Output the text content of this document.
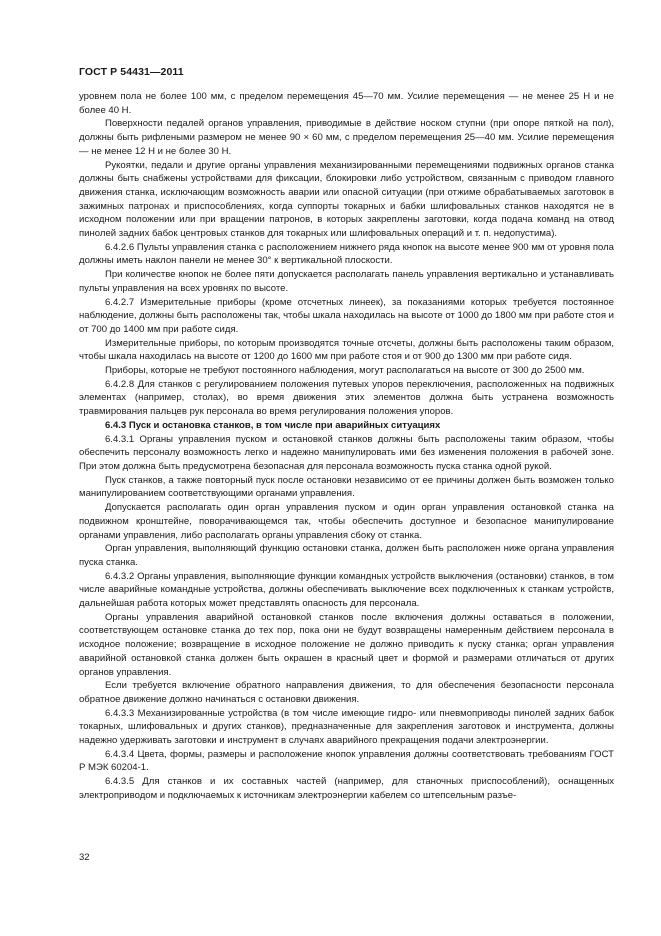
ГОСТ Р 54431—2011

уровнем пола не более 100 мм, с пределом перемещения 45—70 мм. Усилие перемещения — не менее 25 Н и не более 40 Н.

Поверхности педалей органов управления, приводимые в действие носком ступни (при опоре пяткой на пол), должны быть рифлеными размером не менее 90 × 60 мм, с пределом перемещения 25—40 мм. Усилие перемещения — не менее 12 Н и не более 30 Н.

Рукоятки, педали и другие органы управления механизированными перемещениями подвижных органов станка должны быть снабжены устройствами для фиксации, блокировки либо устройством, связанным с приводом главного движения станка, исключающим возможность аварии или опасной ситуации (при отжиме обрабатываемых заготовок в зажимных патронах и приспособлениях, когда суппорты токарных и бабки шлифовальных станков находятся не в исходном положении или при вращении патронов, в которых закреплены заготовки, когда подача команд на отвод пинолей задних бабок центровых станков для токарных или шлифовальных операций и т. п. недопустима).

6.4.2.6 Пульты управления станка с расположением нижнего ряда кнопок на высоте менее 900 мм от уровня пола должны иметь наклон панели не менее 30° к вертикальной плоскости.

При количестве кнопок не более пяти допускается располагать панель управления вертикально и устанавливать пульты управления на всех уровнях по высоте.

6.4.2.7 Измерительные приборы (кроме отсчетных линеек), за показаниями которых требуется постоянное наблюдение, должны быть расположены так, чтобы шкала находилась на высоте от 1000 до 1800 мм при работе стоя и от 700 до 1400 мм при работе сидя.

Измерительные приборы, по которым производятся точные отсчеты, должны быть расположены таким образом, чтобы шкала находилась на высоте от 1200 до 1600 мм при работе стоя и от 900 до 1300 мм при работе сидя.

Приборы, которые не требуют постоянного наблюдения, могут располагаться на высоте от 300 до 2500 мм.

6.4.2.8 Для станков с регулированием положения путевых упоров переключения, расположенных на подвижных элементах (например, столах), во время движения этих элементов должна быть устранена возможность травмирования пальцев рук персонала во время регулирования положения упоров.

6.4.3 Пуск и остановка станков, в том числе при аварийных ситуациях

6.4.3.1 Органы управления пуском и остановкой станков должны быть расположены таким образом, чтобы обеспечить персоналу возможность легко и надежно манипулировать ими без изменения положения в рабочей зоне. При этом должна быть предусмотрена безопасная для персонала возможность пуска станка одной рукой.

Пуск станков, а также повторный пуск после остановки независимо от ее причины должен быть возможен только манипулированием соответствующими органами управления.

Допускается располагать один орган управления пуском и один орган управления остановкой станка на подвижном кронштейне, поворачивающемся так, чтобы обеспечить доступное и безопасное манипулирование органами управления, либо располагать органы управления сбоку от станка.

Орган управления, выполняющий функцию остановки станка, должен быть расположен ниже органа управления пуска станка.

6.4.3.2 Органы управления, выполняющие функции командных устройств выключения (остановки) станков, в том числе аварийные командные устройства, должны обеспечивать выключение всех подключенных к станкам устройств, дальнейшая работа которых может представлять опасность для персонала.

Органы управления аварийной остановкой станков после включения должны оставаться в положении, соответствующем остановке станка до тех пор, пока они не будут возвращены намеренным действием персонала в исходное положение; возвращение в исходное положение не должно приводить к пуску станка; орган управления аварийной остановкой станка должен быть окрашен в красный цвет и формой и размерами отличаться от других органов управления.

Если требуется включение обратного направления движения, то для обеспечения безопасности персонала обратное движение должно начинаться с остановки движения.

6.4.3.3 Механизированные устройства (в том числе имеющие гидро- или пневмоприводы пинолей задних бабок токарных, шлифовальных и других станков), предназначенные для закрепления заготовок и инструмента, должны надежно удерживать заготовки и инструмент в случаях аварийного прекращения подачи электроэнергии.

6.4.3.4 Цвета, формы, размеры и расположение кнопок управления должны соответствовать требованиям ГОСТ Р МЭК 60204-1.

6.4.3.5 Для станков и их составных частей (например, для станочных приспособлений), оснащенных электроприводом и подключаемых к источникам электроэнергии кабелем со штепсельным разъе-

32
